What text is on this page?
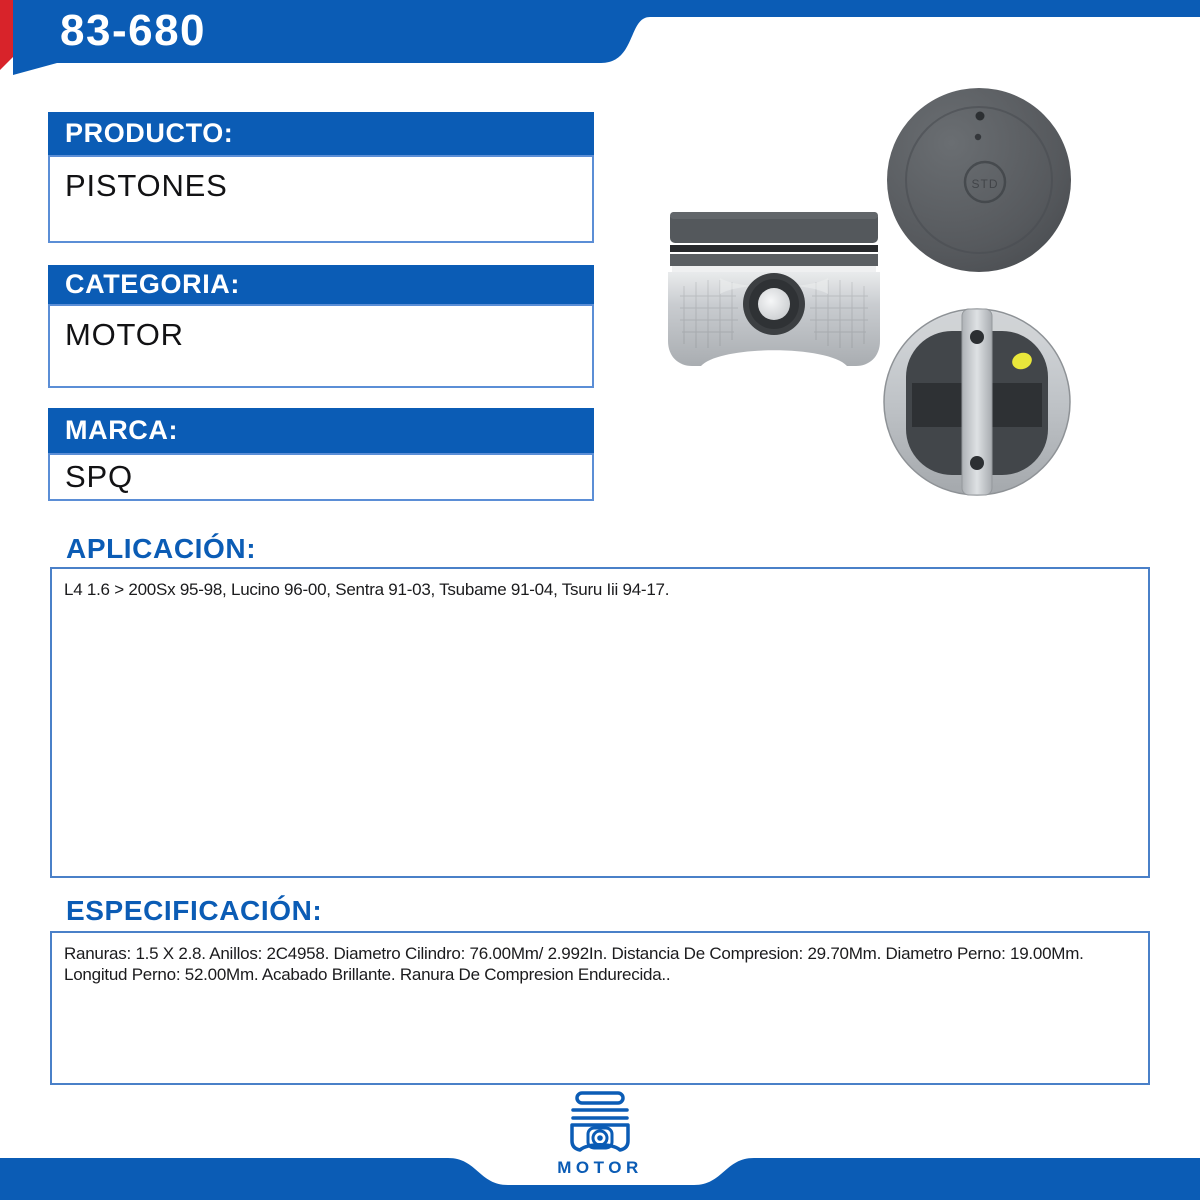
83-680
PRODUCTO:
PISTONES
CATEGORIA:
MOTOR
MARCA:
SPQ
STD
APLICACIÓN:
L4 1.6 > 200Sx 95-98, Lucino 96-00, Sentra 91-03, Tsubame 91-04, Tsuru Iii 94-17.
ESPECIFICACIÓN:
Ranuras: 1.5 X 2.8. Anillos: 2C4958. Diametro Cilindro: 76.00Mm/ 2.992In. Distancia De Compresion: 29.70Mm. Diametro Perno: 19.00Mm. Longitud Perno: 52.00Mm. Acabado Brillante. Ranura De Compresion Endurecida..
MOTOR
